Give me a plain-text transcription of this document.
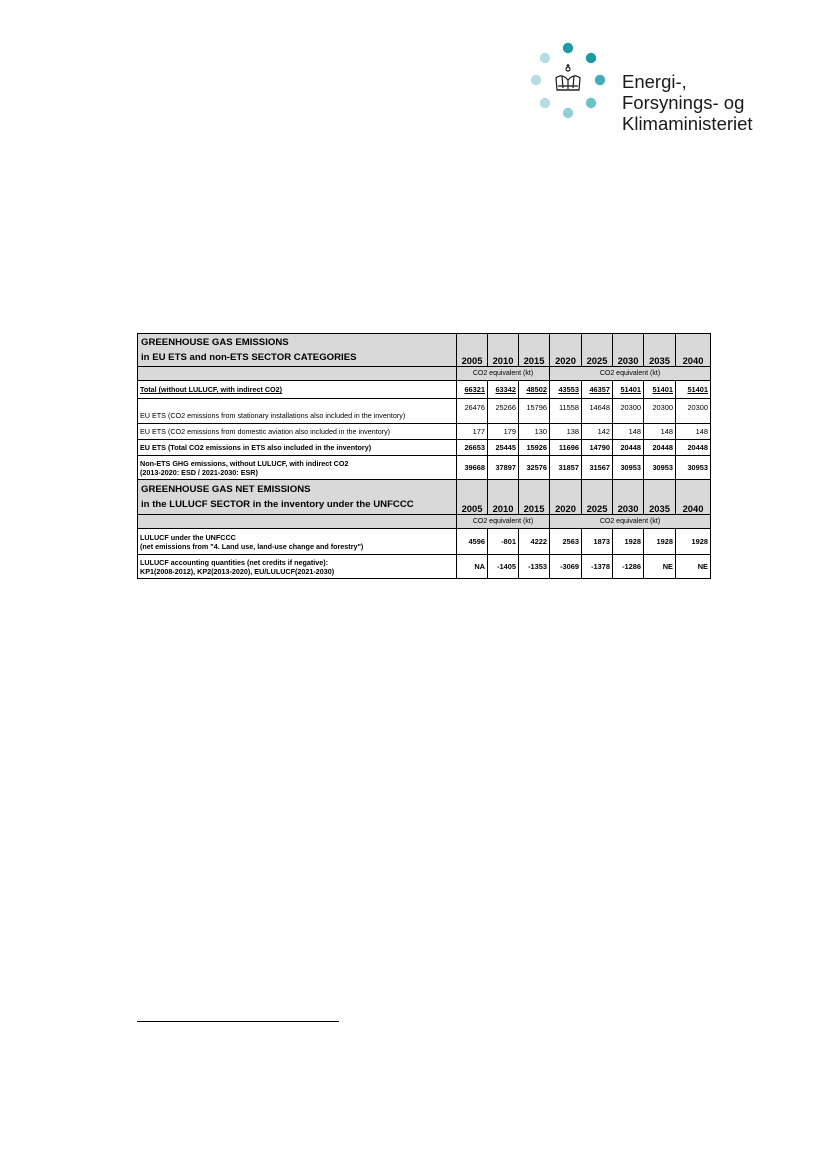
Energi-,
Forsynings- og
Klimaministeriet
GREENHOUSE GAS EMISSIONS
in EU ETS and non-ETS SECTOR CATEGORIES	2005	2010	2015	2020	2025	2030	2035	2040
	CO2 equivalent (kt)			CO2 equivalent (kt)				
Total (without LULUCF, with indirect CO2)	66321	63342	48502	43553	46357	51401	51401	51401
EU ETS (CO2 emissions from stationary installations also included in the inventory)	26476	25266	15796	11558	14648	20300	20300	20300
EU ETS (CO2 emissions from domestic aviation also included in the inventory)	177	179	130	138	142	148	148	148
EU ETS (Total CO2 emissions in ETS also included in the inventory)	26653	25445	15926	11696	14790	20448	20448	20448

Non-ETS GHG emissions, without LULUCF, with indirect CO2
(2013-2020: ESD / 2021-2030: ESR)	39668	37897	32576	31857	31567	30953	30953	30953

GREENHOUSE GAS NET EMISSIONS
in the LULUCF SECTOR in the inventory under the UNFCCC	2005	2010	2015	2020	2025	2030	2035	2040
	CO2 equivalent (kt)			CO2 equivalent (kt)				

LULUCF under the UNFCCC
(net emissions from "4. Land use, land-use change and forestry")	4596	-801	4222	2563	1873	1928	1928	1928

LULUCF accounting quantities (net credits if negative):
KP1(2008-2012), KP2(2013-2020), EU/LULUCF(2021-2030)	NA	-1405	-1353	-3069	-1378	-1286	NE	NE
